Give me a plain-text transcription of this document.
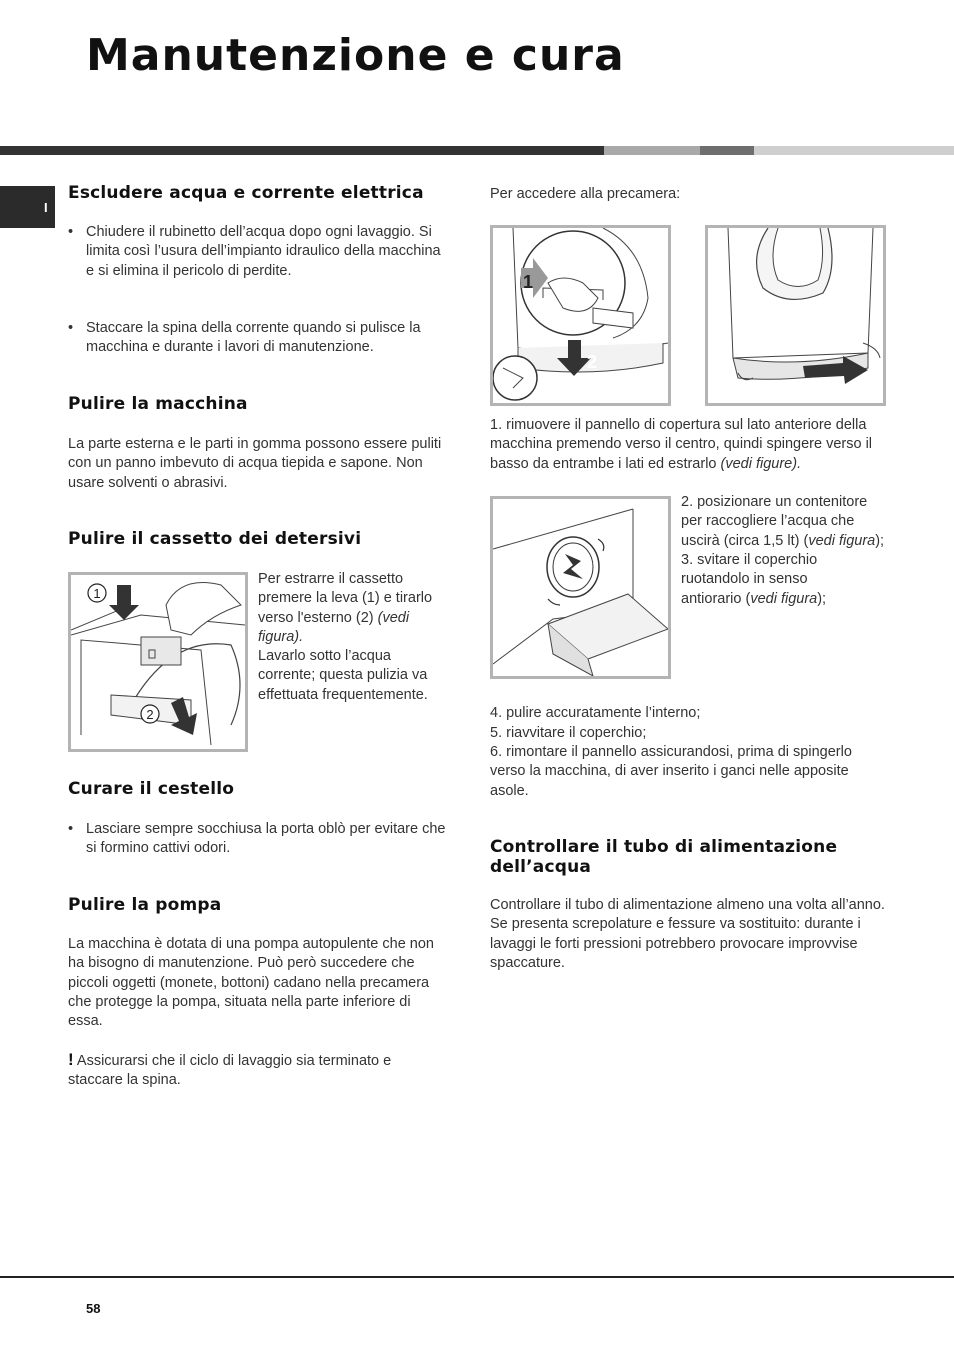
Manutenzione e cura
I
Escludere acqua e corrente elettrica

• Chiudere il rubinetto dell’acqua dopo ogni lavaggio. Si limita così l’usura dell’impianto idraulico della macchina e si elimina il pericolo di perdite.

• Staccare la spina della corrente quando si pulisce la macchina e durante i lavori di manutenzione.

Pulire la macchina

La parte esterna e le parti in gomma possono essere puliti con un panno imbevuto di acqua tiepida e sapone. Non usare solventi o abrasivi.

Pulire il cassetto dei detersivi
1
2

Per estrarre il cassetto premere la leva (1) e tirarlo verso l'esterno (2) (vedi figura).

Lavarlo sotto l’acqua corrente; questa pulizia va effettuata frequentemente.

Curare il cestello

• Lasciare sempre socchiusa la porta oblò per evitare che si formino cattivi odori.

Pulire la pompa

La macchina è dotata di una pompa autopulente che non ha bisogno di manutenzione. Può però succedere che piccoli oggetti (monete, bottoni) cadano nella precamera che protegge la pompa, situata nella parte inferiore di essa.

! Assicurarsi che il ciclo di lavaggio sia terminato e staccare la spina.

Per accedere alla precamera:

1
2

1. rimuovere il pannello di copertura sul lato anteriore della macchina premendo verso il centro, quindi spingere verso il basso da entrambe i lati ed estrarlo (vedi figure).

2. posizionare un contenitore per raccogliere l’acqua che uscirà (circa 1,5 lt) (vedi figura);

3. svitare il coperchio ruotandolo in senso antiorario (vedi figura);

4. pulire accuratamente l’interno;

5. riavvitare il coperchio;

6. rimontare il pannello assicurandosi, prima di spingerlo verso la macchina, di aver inserito i ganci nelle apposite asole.

Controllare il tubo di alimentazione dell’acqua

Controllare il tubo di alimentazione almeno una volta all’anno. Se presenta screpolature e fessure va sostituito: durante i lavaggi le forti pressioni potrebbero provocare improvvise spaccature.

58
